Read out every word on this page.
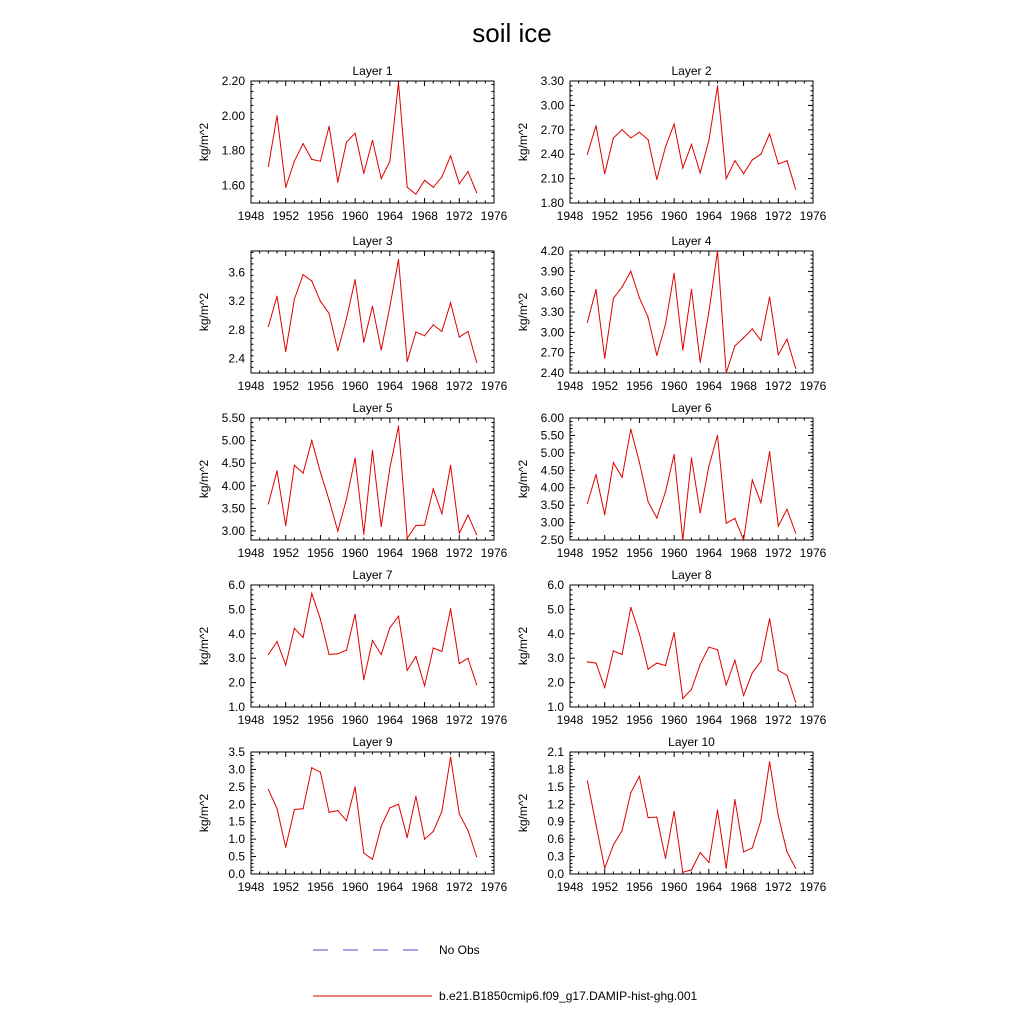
soil ice
Layer 1
1948 1952 1956 1960 1964 1968 1972 1976
1.60
1.80
2.00
2.20
kg/m^2
Layer 2
1948 1952 1956 1960 1964 1968 1972 1976
1.80
2.10
2.40
2.70
3.00
3.30
kg/m^2
Layer 3
1948 1952 1956 1960 1964 1968 1972 1976
2.4
2.8
3.2
3.6
kg/m^2
Layer 4
1948 1952 1956 1960 1964 1968 1972 1976
2.40
2.70
3.00
3.30
3.60
3.90
4.20
kg/m^2
Layer 5
1948 1952 1956 1960 1964 1968 1972 1976
3.00
3.50
4.00
4.50
5.00
5.50
kg/m^2
Layer 6
1948 1952 1956 1960 1964 1968 1972 1976
2.50
3.00
3.50
4.00
4.50
5.00
5.50
6.00
kg/m^2
Layer 7
1948 1952 1956 1960 1964 1968 1972 1976
1.0
2.0
3.0
4.0
5.0
6.0
kg/m^2
Layer 8
1948 1952 1956 1960 1964 1968 1972 1976
1.0
2.0
3.0
4.0
5.0
6.0
kg/m^2
Layer 9
1948 1952 1956 1960 1964 1968 1972 1976
0.0
0.5
1.0
1.5
2.0
2.5
3.0
3.5
kg/m^2
Layer 10
1948 1952 1956 1960 1964 1968 1972 1976
0.0
0.3
0.6
0.9
1.2
1.5
1.8
2.1
kg/m^2
No Obs
b.e21.B1850cmip6.f09_g17.DAMIP-hist-ghg.001
